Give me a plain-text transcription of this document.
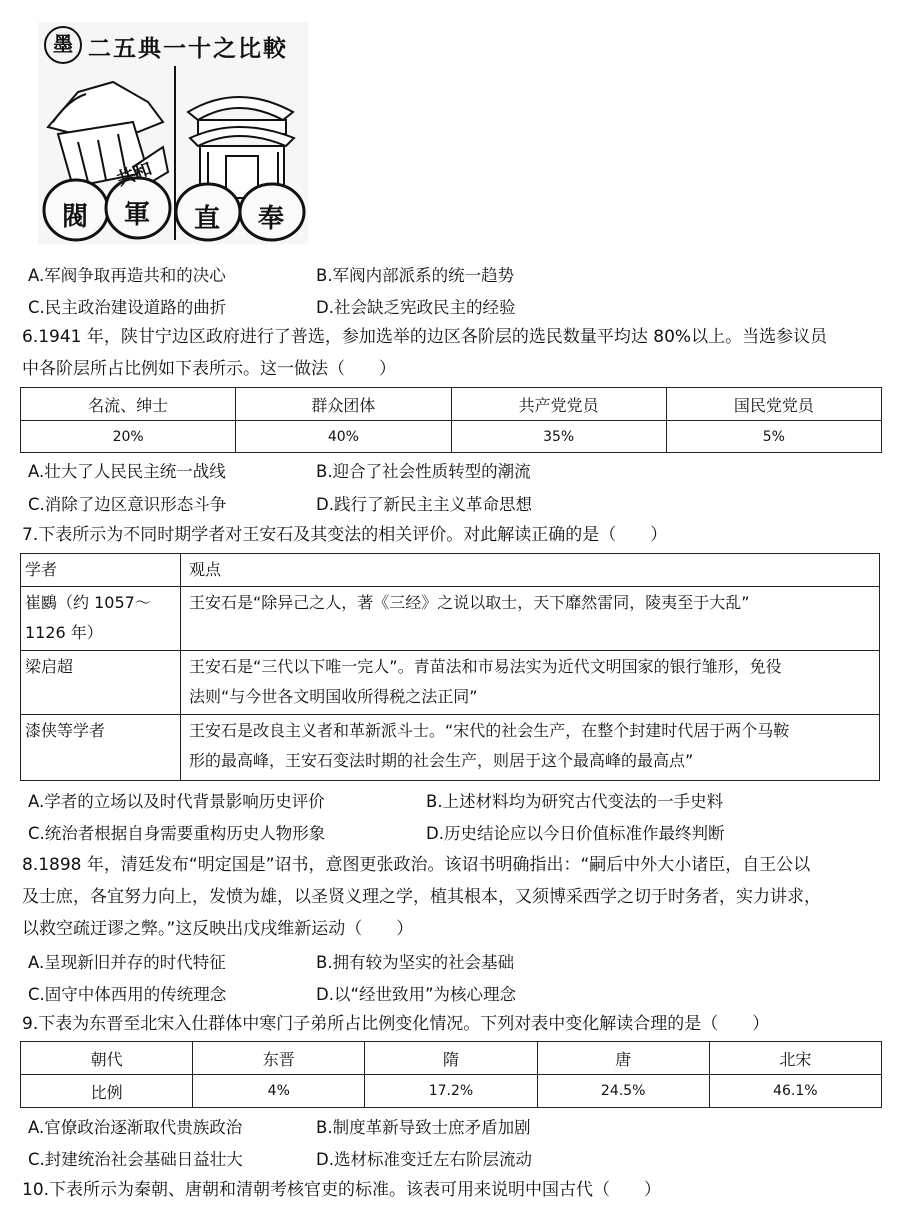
墨 二五典一十之比較
共和
閥 軍 直 奉
A.军阀争取再造共和的决心	B.军阀内部派系的统一趋势
C.民主政治建设道路的曲折	D.社会缺乏宪政民主的经验
6.1941 年，陕甘宁边区政府进行了普选，参加选举的边区各阶层的选民数量平均达 80%以上。当选参议员
中各阶层所占比例如下表所示。这一做法（　　）
名流、绅士	群众团体	共产党党员	国民党党员
20%	40%	35%	5%
A.壮大了人民民主统一战线	B.迎合了社会性质转型的潮流
C.消除了边区意识形态斗争	D.践行了新民主主义革命思想
7.下表所示为不同时期学者对王安石及其变法的相关评价。对此解读正确的是（　　）
学者	观点

崔鶠（约 1057～
1126 年）	王安石是“除异己之人，著《三经》之说以取士，天下靡然雷同，陵夷至于大乱”
梁启超	王安石是“三代以下唯一完人”。青苗法和市易法实为近代文明国家的银行雏形，免役
法则“与今世各文明国收所得税之法正同”

漆侠等学者	王安石是改良主义者和革新派斗士。“宋代的社会生产，在整个封建时代居于两个马鞍
形的最高峰，王安石变法时期的社会生产，则居于这个最高峰的最高点”
A.学者的立场以及时代背景影响历史评价	B.上述材料均为研究古代变法的一手史料
C.统治者根据自身需要重构历史人物形象	D.历史结论应以今日价值标准作最终判断
8.1898 年，清廷发布“明定国是”诏书，意图更张政治。该诏书明确指出：“嗣后中外大小诸臣，自王公以
及士庶，各宜努力向上，发愤为雄，以圣贤义理之学，植其根本，又须博采西学之切于时务者，实力讲求，
以救空疏迂谬之弊。”这反映出戊戌维新运动（　　）
A.呈现新旧并存的时代特征	B.拥有较为坚实的社会基础
C.固守中体西用的传统理念	D.以“经世致用”为核心理念
9.下表为东晋至北宋入仕群体中寒门子弟所占比例变化情况。下列对表中变化解读合理的是（　　）
朝代	东晋	隋	唐	北宋
比例	4%	17.2%	24.5%	46.1%
A.官僚政治逐渐取代贵族政治	B.制度革新导致士庶矛盾加剧
C.封建统治社会基础日益壮大	D.选材标准变迁左右阶层流动
10.下表所示为秦朝、唐朝和清朝考核官吏的标准。该表可用来说明中国古代（　　）
